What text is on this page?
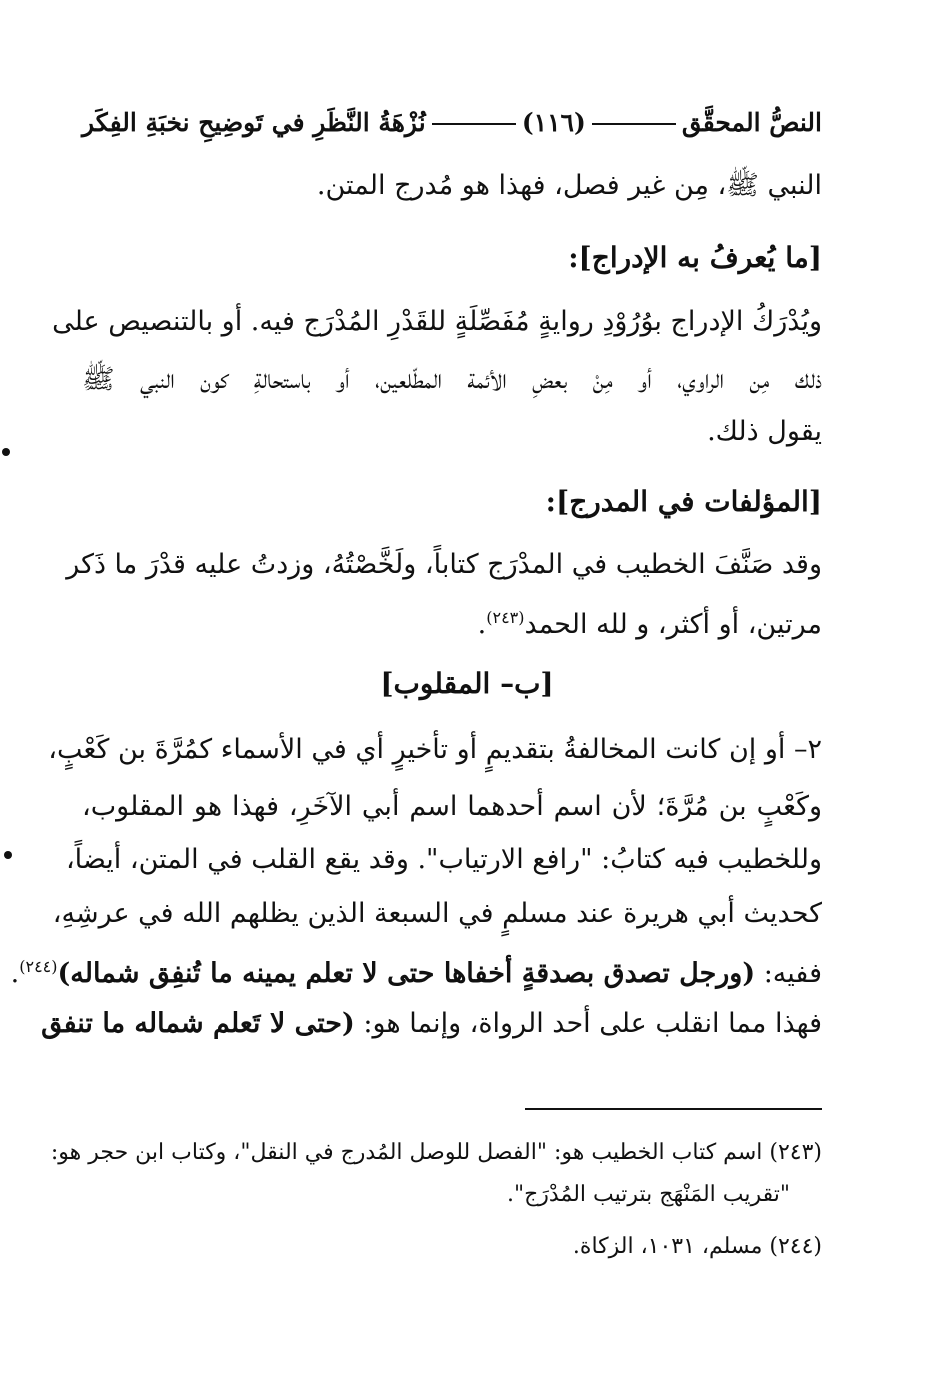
النصُّ المحقَّق
(١١٦)
نُزْهَةُ النَّظَرِ في تَوضِيحِ نخبَةِ الفِكَر
النبي ﷺ، مِن غير فصل، فهذا هو مُدرج المتن.
[ما يُعرفُ به الإدراج]:
ويُدْرَكُ الإدراج بوُرُوْدِ روايةٍ مُفَصِّلَةٍ للقَدْرِ المُدْرَج فيه. أو بالتنصيص على
ذلك مِن الراوي، أو مِنْ بعضِ الأئمة المطّلعين، أو باستحالةِ كون النبي ﷺ
يقول ذلك.
[المؤلفات في المدرج]:
وقد صَنَّفَ الخطيب في المدْرَج كتاباً، ولَخَّصْتُهُ، وزدتُ عليه قدْرَ ما ذَكر
مرتين، أو أكثر، و لله الحمد$^{(٢٤٣)}$.
[ب– المقلوب]
٢– أو إن كانت المخالفةُ بتقديمٍ أو تأخيرٍ أي في الأسماء كمُرَّةَ بن كَعْبٍ،
وكَعْبٍ بن مُرَّةَ؛ لأن اسم أحدهما اسم أبي الآخَرِ، فهذا هو المقلوب،
وللخطيب فيه كتابُ: "رافع الارتياب". وقد يقع القلب في المتن، أيضاً،
كحديث أبي هريرة عند مسلمٍ في السبعة الذين يظلهم الله في عرشِهِ،
ففيه: (ورجل تصدق بصدقةٍ أخفاها حتى لا تعلم يمينه ما تُنفِق شماله)$^{(٢٤٤)}$.
فهذا مما انقلب على أحد الرواة، وإنما هو: (حتى لا تَعلم شماله ما تنفق
(٢٤٣) اسم كتاب الخطيب هو: "الفصل للوصل المُدرج في النقل"، وكتاب ابن حجر هو:
"تقريب المَنْهَج بترتيب المُدْرَج".
(٢٤٤) مسلم، ١٠٣١، الزكاة.
